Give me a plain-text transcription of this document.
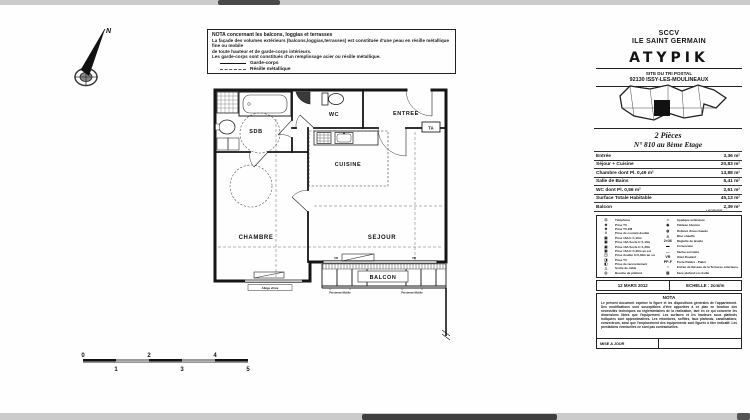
N	NOTA concernant les balcons, loggias et terrasses
La façade des volumes extérieurs (balcons,loggias,terrasses) est constituée d'une peau en résille métallique fine ou mobile
de toute hauteur et de garde-corps intérieurs.
Les garde-corps sont constitués d'un remplissage acier ou résille métallique.
Garde-corps
Résille métallique
SCCV
ILE SAINT GERMAIN
ATYPIK
SITE DU TRI POSTAL
92130 ISSY-LES-MOULINEAUX
2 Pièces
N° 810 au 8ème Etage
Entrée	3,36 m²
Séjour + Cuisine	20,83 m²
Chambre dont Pl. 0,49 m²	13,88 m²
Salle de Bains	5,41 m²
WC dont Pl. 0,56 m²	2,61 m²
Surface Totale Habitable	45,13 m²
Balcon	2,39 m²
LEGENDE
⊡	Téléphone
⊕	Prise TV
⊕	Prise TV-FM
⌾	Prise de courant double
▣	Prise 16A h=1,10m
▣	Prise 16A Socle h=1,10m
▣	Prise 16A Socle h=1,30m
▣	Prise 16A h=1,30m au sol
◳	Prise double h=0,30m au sol
◨	Prise TV
◧	Prise de raccordement
△	Sortie de câble
◎	Bouche de plafond
≈	Applique extérieure
◉	Tableau Abonné
◍	Robinet d'eau chaude
◬	Bloc chauffe
2×36	Réglette de lavabo
▬	Convecteur
—	Sèche-serviette
VR	Volet Roulant
PP-F	Porte Palière - Palier
⌂	Entrée de Réseau de la Terrasse extérieure
▨	Face plafond en résille
12 MARS 2012	ECHELLE : 2cm/m
NOTA
Le présent document exprime la figure et les dispositions générales de l'appartement. Des modifications sont susceptibles d'être apportées à ce plan en fonction des nécessités techniques ou réglementaires de la réalisation, tant en ce qui concerne les dimensions libres que l'équipement. Les surfaces et les hauteurs sous plafonds indiquées sont approximatives. Les retombées, soffites, faux plafonds, canalisations, convecteurs, ainsi que l'emplacement des équipements sont figurés à titre indicatif. Les prestations éventuelles ne sont pas contractuelles.
MISE A JOUR
Allège vitrée
BALCON
Persienne Mobile	Persienne Mobile
TA
VR	VR
SDB
WC	ENTREE
CUISINE
CHAMBRE	SEJOUR
0	2	4
1	3	5
